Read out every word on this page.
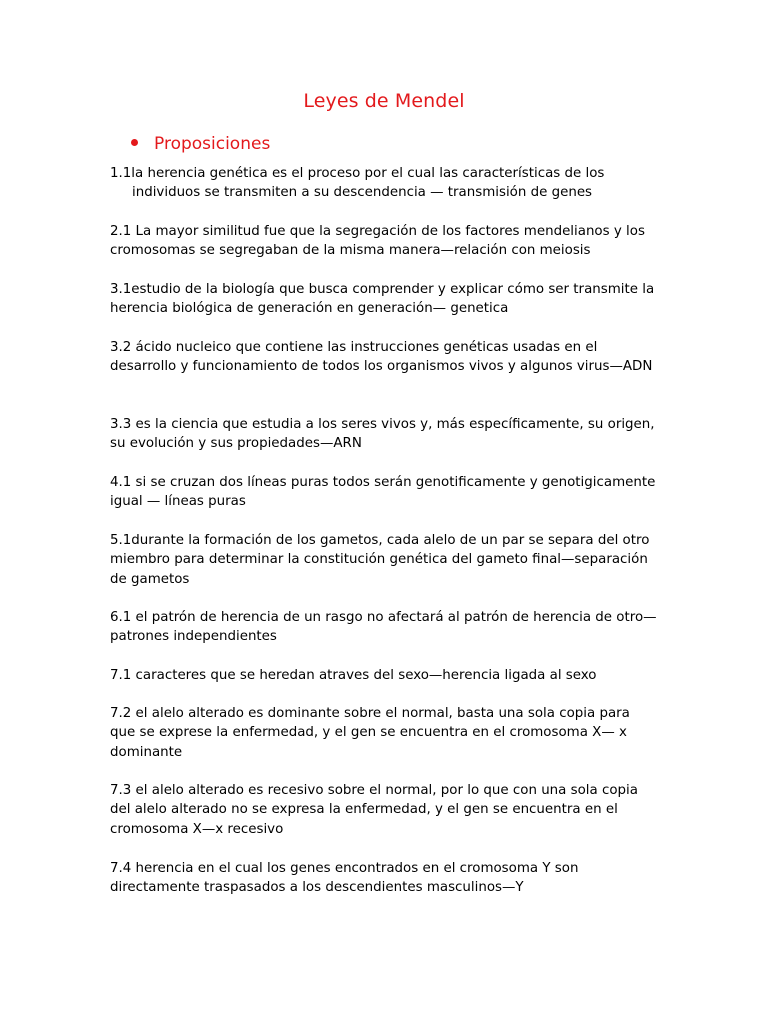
Leyes de Mendel
Proposiciones

1.1la herencia genética es el proceso por el cual las características de los individuos se transmiten a su descendencia — transmisión de genes

2.1 La mayor similitud fue que la segregación de los factores mendelianos y los cromosomas se segregaban de la misma manera—relación con meiosis

3.1estudio de la biología que busca comprender y explicar cómo ser transmite la herencia biológica de generación en generación— genetica

3.2 ácido nucleico que contiene las instrucciones genéticas usadas en el desarrollo y funcionamiento de todos los organismos vivos y algunos virus—ADN

3.3 es la ciencia que estudia a los seres vivos y, más específicamente, su origen, su evolución y sus propiedades—ARN

4.1 si se cruzan dos líneas puras todos serán genotificamente y genotigicamente igual — líneas puras

5.1durante la formación de los gametos, cada alelo de un par se separa del otro miembro para determinar la constitución genética del gameto final—separación de gametos

6.1 el patrón de herencia de un rasgo no afectará al patrón de herencia de otro—patrones independientes

7.1 caracteres que se heredan atraves del sexo—herencia ligada al sexo

7.2 el alelo alterado es dominante sobre el normal, basta una sola copia para que se exprese la enfermedad, y el gen se encuentra en el cromosoma X— x dominante

7.3 el alelo alterado es recesivo sobre el normal, por lo que con una sola copia del alelo alterado no se expresa la enfermedad, y el gen se encuentra en el cromosoma X—x recesivo

7.4 herencia en el cual los genes encontrados en el cromosoma Y son directamente traspasados a los descendientes masculinos—Y
